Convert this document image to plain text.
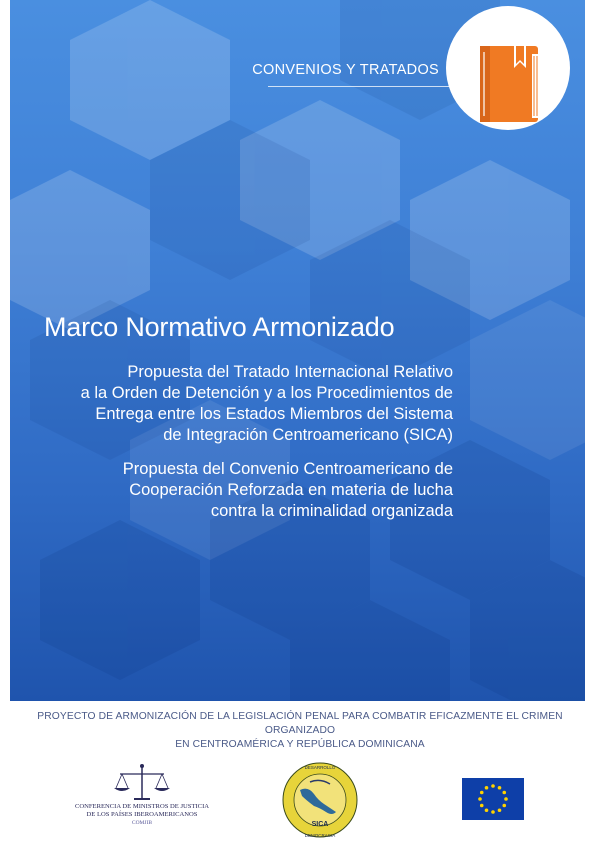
CONVENIOS Y TRATADOS
Marco Normativo Armonizado
Propuesta del Tratado Internacional Relativo
a la Orden de Detención y a los Procedimientos de
Entrega entre los Estados Miembros del Sistema
de Integración Centroamericano (SICA)
Propuesta del Convenio Centroamericano de
Cooperación Reforzada en materia de lucha
contra la criminalidad organizada
PROYECTO DE ARMONIZACIÓN DE LA LEGISLACIÓN PENAL PARA COMBATIR EFICAZMENTE EL CRIMEN ORGANIZADO
EN CENTROAMÉRICA Y REPÚBLICA DOMINICANA
CONFERENCIA DE MINISTROS DE JUSTICIA
DE LOS PAÍSES IBEROAMERICANOS
COMJIB	SICA
DESARROLLO
DEMOCRACIA
